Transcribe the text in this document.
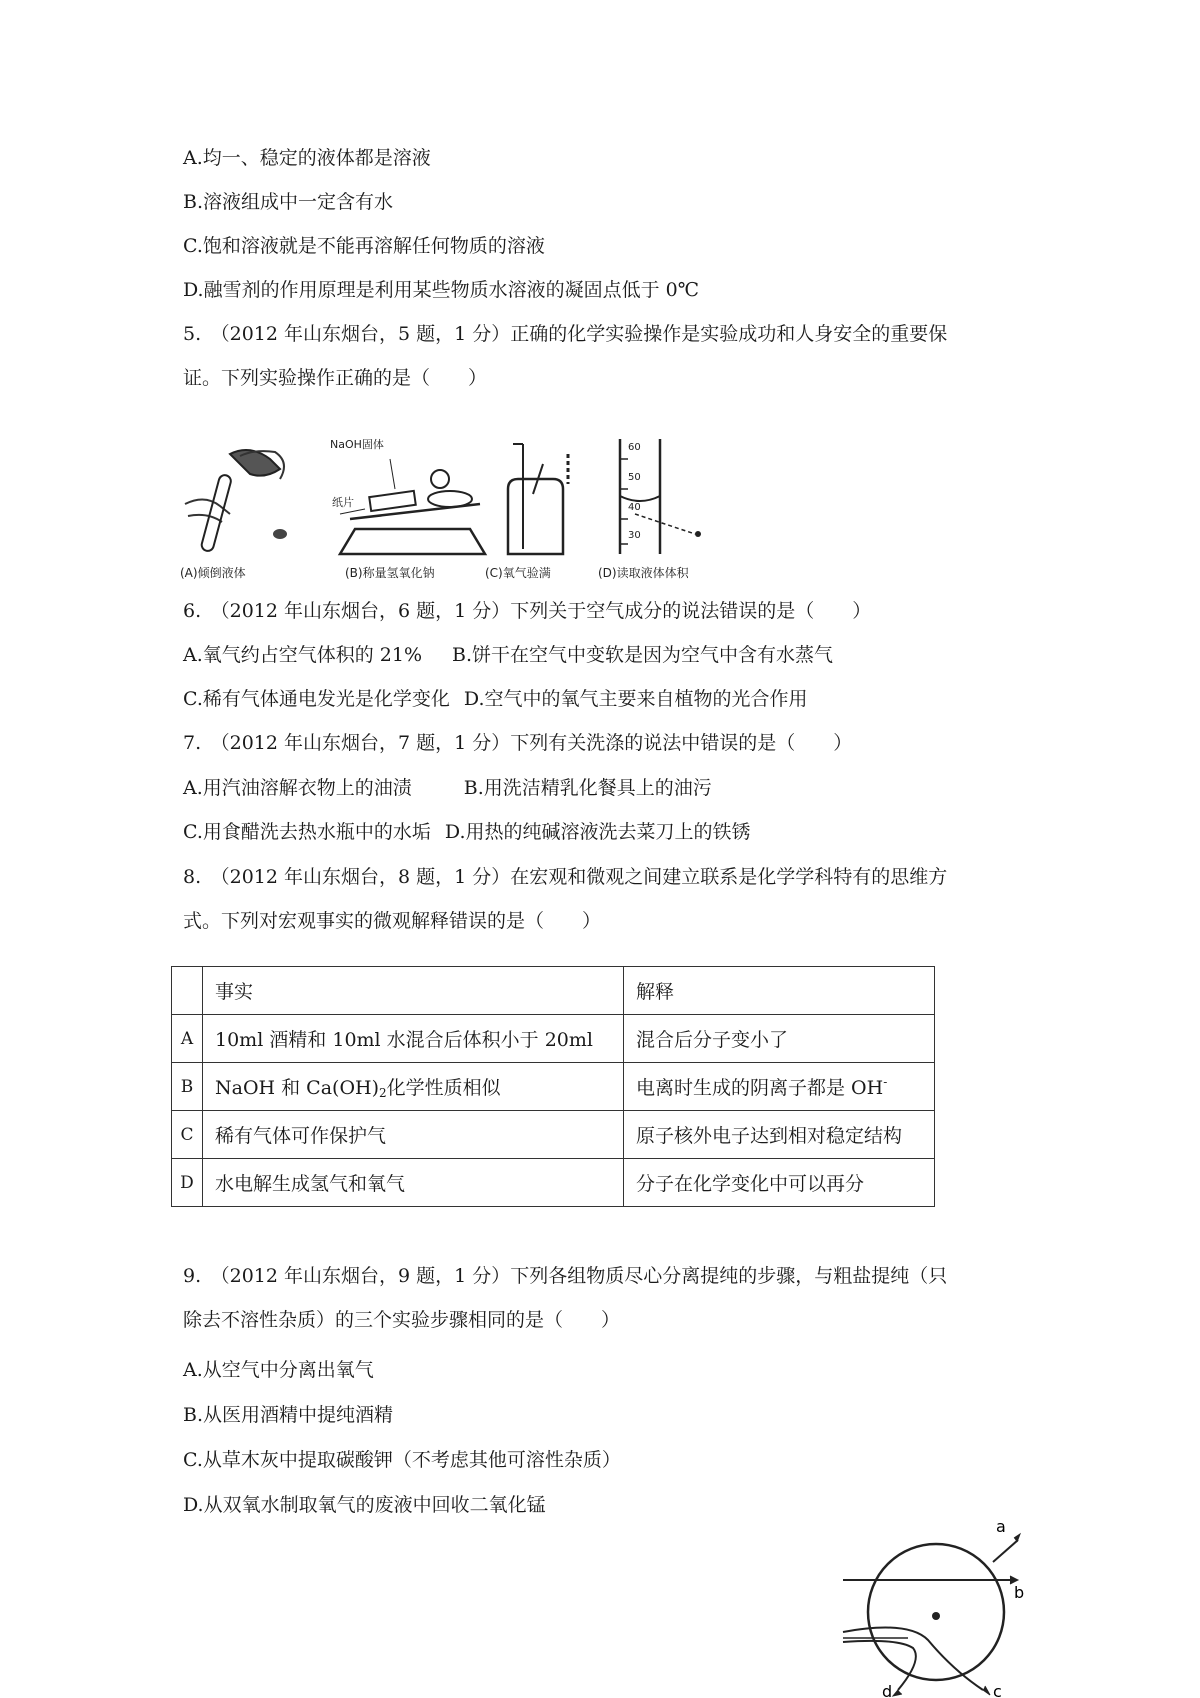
A.均一、稳定的液体都是溶液
B.溶液组成中一定含有水
C.饱和溶液就是不能再溶解任何物质的溶液
D.融雪剂的作用原理是利用某些物质水溶液的凝固点低于 0℃
5.　（2012 年山东烟台，5 题，1 分）正确的化学实验操作是实验成功和人身安全的重要保
证。下列实验操作正确的是（　　）
(A)倾倒液体
NaOH固体
纸片
(B)称量氢氧化钠	(C)氧气验满
60
50
40
30
(D)读取液体体积
6.　（2012 年山东烟台，6 题，1 分）下列关于空气成分的说法错误的是（　　）
A.氧气约占空气体积的 21% B.饼干在空气中变软是因为空气中含有水蒸气
C.稀有气体通电发光是化学变化 D.空气中的氧气主要来自植物的光合作用
7.　（2012 年山东烟台，7 题，1 分）下列有关洗涤的说法中错误的是（　　）
A.用汽油溶解衣物上的油渍	B.用洗洁精乳化餐具上的油污
C.用食醋洗去热水瓶中的水垢 D.用热的纯碱溶液洗去菜刀上的铁锈
8.　（2012 年山东烟台，8 题，1 分）在宏观和微观之间建立联系是化学学科特有的思维方
式。下列对宏观事实的微观解释错误的是（　　）
	事实	解释
A	10ml 酒精和 10ml 水混合后体积小于 20ml	混合后分子变小了
B	NaOH 和 $Ca(OH)_2$化学性质相似	电离时生成的阴离子都是 OH-
C	稀有气体可作保护气	原子核外电子达到相对稳定结构
D	水电解生成氢气和氧气	分子在化学变化中可以再分
9.　（2012 年山东烟台，9 题，1 分）下列各组物质尽心分离提纯的步骤，与粗盐提纯（只
除去不溶性杂质）的三个实验步骤相同的是（　　）
A.从空气中分离出氧气
B.从医用酒精中提纯酒精
C.从草木灰中提取碳酸钾（不考虑其他可溶性杂质）
D.从双氧水制取氧气的废液中回收二氧化锰
a
b
c
d
